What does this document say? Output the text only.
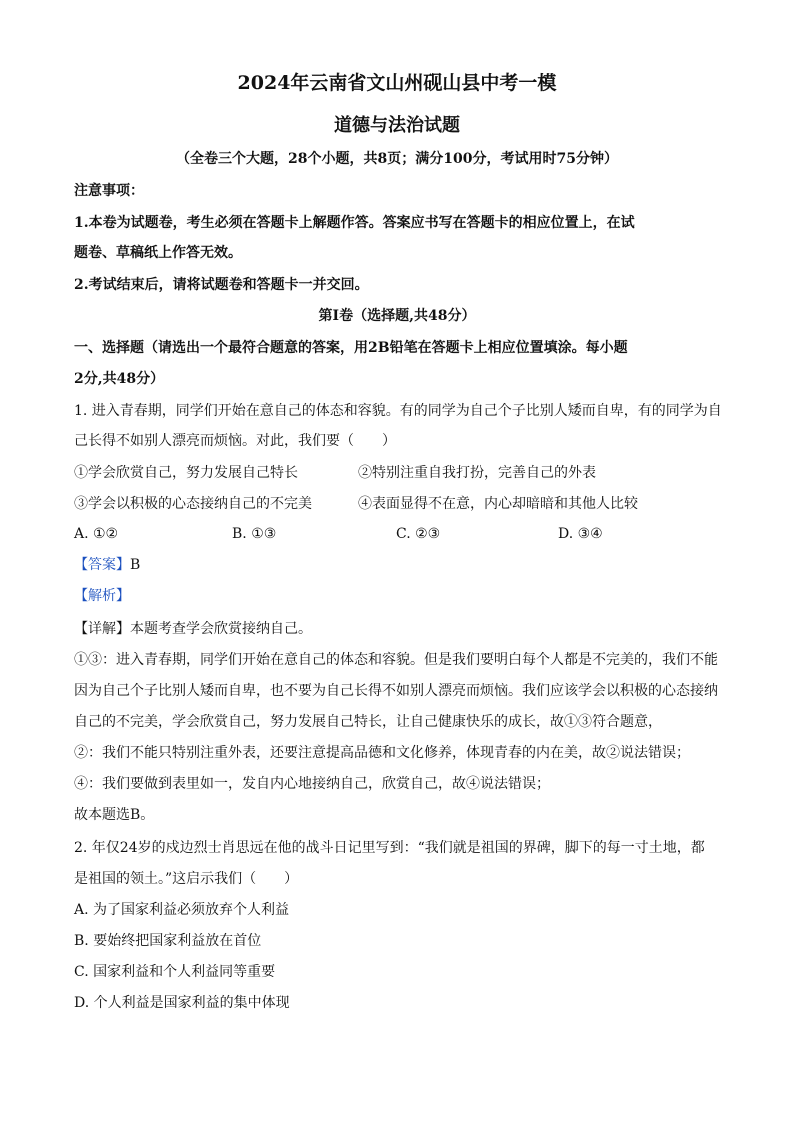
2024年云南省文山州砚山县中考一模
道德与法治试题
（全卷三个大题，28个小题，共8页；满分100分，考试用时75分钟）
注意事项：
1.本卷为试题卷，考生必须在答题卡上解题作答。答案应书写在答题卡的相应位置上，在试
题卷、草稿纸上作答无效。
2.考试结束后，请将试题卷和答题卡一并交回。
第Ⅰ卷（选择题,共48分）
一、选择题（请选出一个最符合题意的答案，用2B铅笔在答题卡上相应位置填涂。每小题
2分,共48分）
1. 进入青春期，同学们开始在意自己的体态和容貌。有的同学为自己个子比别人矮而自卑，有的同学为自
己长得不如别人漂亮而烦恼。对此，我们要（　　）
①学会欣赏自己，努力发展自己特长	②特别注重自我打扮，完善自己的外表
③学会以积极的心态接纳自己的不完美	④表面显得不在意，内心却暗暗和其他人比较
A. ①②	B. ①③	C. ②③	D. ③④
【答案】B
【解析】
【详解】本题考查学会欣赏接纳自己。
①③：进入青春期，同学们开始在意自己的体态和容貌。但是我们要明白每个人都是不完美的，我们不能
因为自己个子比别人矮而自卑，也不要为自己长得不如别人漂亮而烦恼。我们应该学会以积极的心态接纳
自己的不完美，学会欣赏自己，努力发展自己特长，让自己健康快乐的成长，故①③符合题意，
②：我们不能只特别注重外表，还要注意提高品德和文化修养，体现青春的内在美，故②说法错误；
④：我们要做到表里如一，发自内心地接纳自己，欣赏自己，故④说法错误；
故本题选B。
2. 年仅24岁的戍边烈士肖思远在他的战斗日记里写到：“我们就是祖国的界碑，脚下的每一寸土地，都
是祖国的领土。”这启示我们（　　）
A. 为了国家利益必须放弃个人利益
B. 要始终把国家利益放在首位
C. 国家利益和个人利益同等重要
D. 个人利益是国家利益的集中体现
